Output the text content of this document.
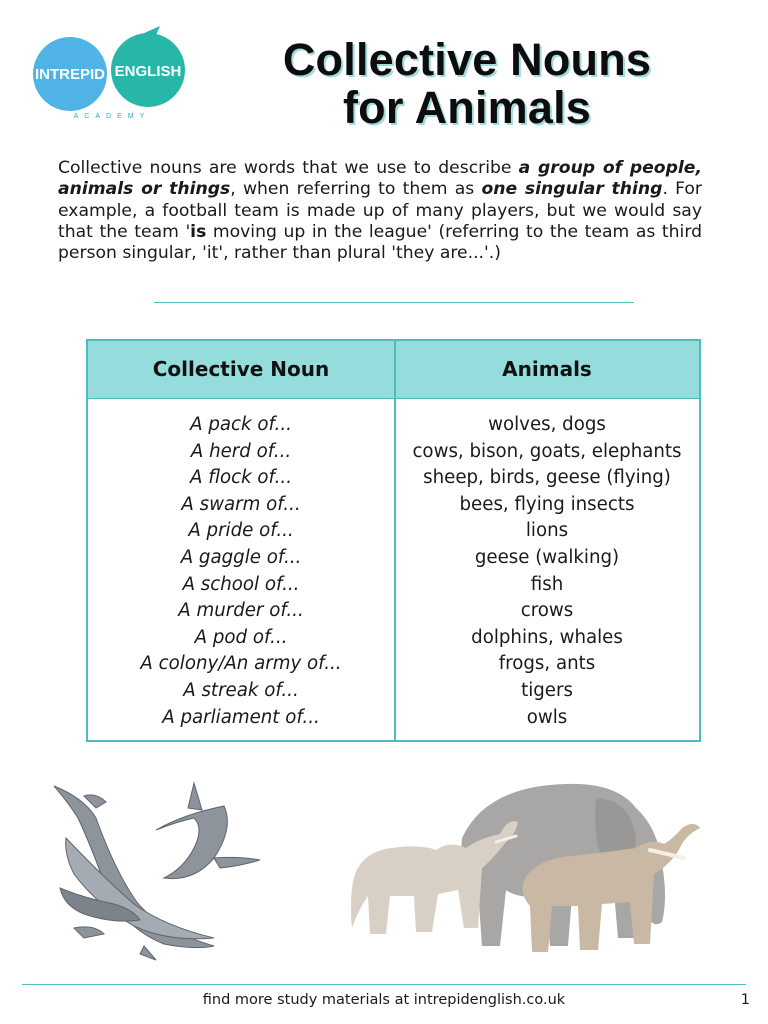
INTREPID ENGLISH
ACADEMY
Collective Nouns
for Animals
Collective nouns are words that we use to describe a group of people, animals or things, when referring to them as one singular thing. For example, a football team is made up of many players, but we would say that the team 'is moving up in the league' (referring to the team as third person singular, 'it', rather than plural 'they are...'.)
Collective Noun	Animals
A pack of...
A herd of...
A flock of...
A swarm of...
A pride of...
A gaggle of...
A school of...
A murder of...
A pod of...
A colony/An army of...
A streak of...
A parliament of...
wolves, dogs
cows, bison, goats, elephants
sheep, birds, geese (flying)
bees, flying insects
lions
geese (walking)
fish
crows
dolphins, whales
frogs, ants
tigers
owls
find more study materials at intrepidenglish.co.uk	1
